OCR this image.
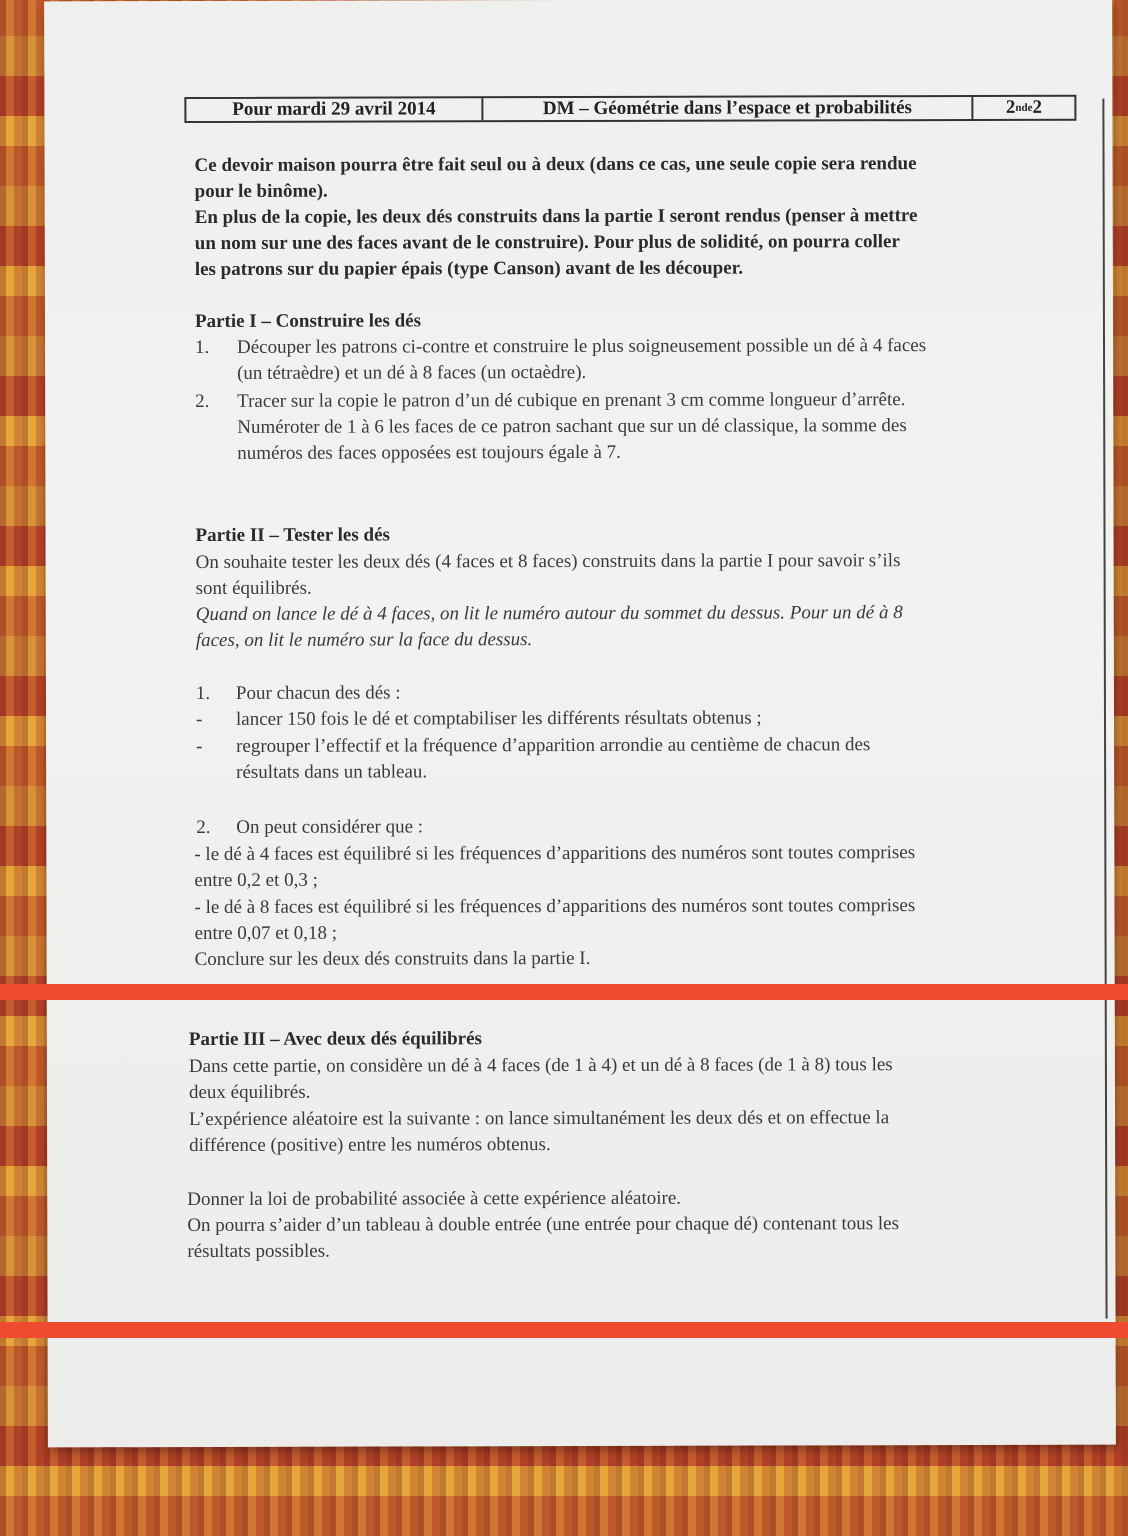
Pour mardi 29 avril 2014	DM – Géométrie dans l’espace et probabilités	2 nde 2
Ce devoir maison pourra être fait seul ou à deux (dans ce cas, une seule copie sera rendue
pour le binôme).
En plus de la copie, les deux dés construits dans la partie I seront rendus (penser à mettre
un nom sur une des faces avant de le construire). Pour plus de solidité, on pourra coller
les patrons sur du papier épais (type Canson) avant de les découper.
Partie I – Construire les dés
1. Découper les patrons ci-contre et construire le plus soigneusement possible un dé à 4 faces
(un tétraèdre) et un dé à 8 faces (un octaèdre).
2. Tracer sur la copie le patron d’un dé cubique en prenant 3 cm comme longueur d’arrête.
Numéroter de 1 à 6 les faces de ce patron sachant que sur un dé classique, la somme des
numéros des faces opposées est toujours égale à 7.
Partie II – Tester les dés
On souhaite tester les deux dés (4 faces et 8 faces) construits dans la partie I pour savoir s’ils
sont équilibrés.
Quand on lance le dé à 4 faces, on lit le numéro autour du sommet du dessus. Pour un dé à 8
faces, on lit le numéro sur la face du dessus.
1. Pour chacun des dés :
- lancer 150 fois le dé et comptabiliser les différents résultats obtenus ;
- regrouper l’effectif et la fréquence d’apparition arrondie au centième de chacun des
résultats dans un tableau.
2. On peut considérer que :
- le dé à 4 faces est équilibré si les fréquences d’apparitions des numéros sont toutes comprises
entre 0,2 et 0,3 ;
- le dé à 8 faces est équilibré si les fréquences d’apparitions des numéros sont toutes comprises
entre 0,07 et 0,18 ;
Conclure sur les deux dés construits dans la partie I.
Partie III – Avec deux dés équilibrés
Dans cette partie, on considère un dé à 4 faces (de 1 à 4) et un dé à 8 faces (de 1 à 8) tous les
deux équilibrés.
L’expérience aléatoire est la suivante : on lance simultanément les deux dés et on effectue la
différence (positive) entre les numéros obtenus.
Donner la loi de probabilité associée à cette expérience aléatoire.
On pourra s’aider d’un tableau à double entrée (une entrée pour chaque dé) contenant tous les
résultats possibles.
